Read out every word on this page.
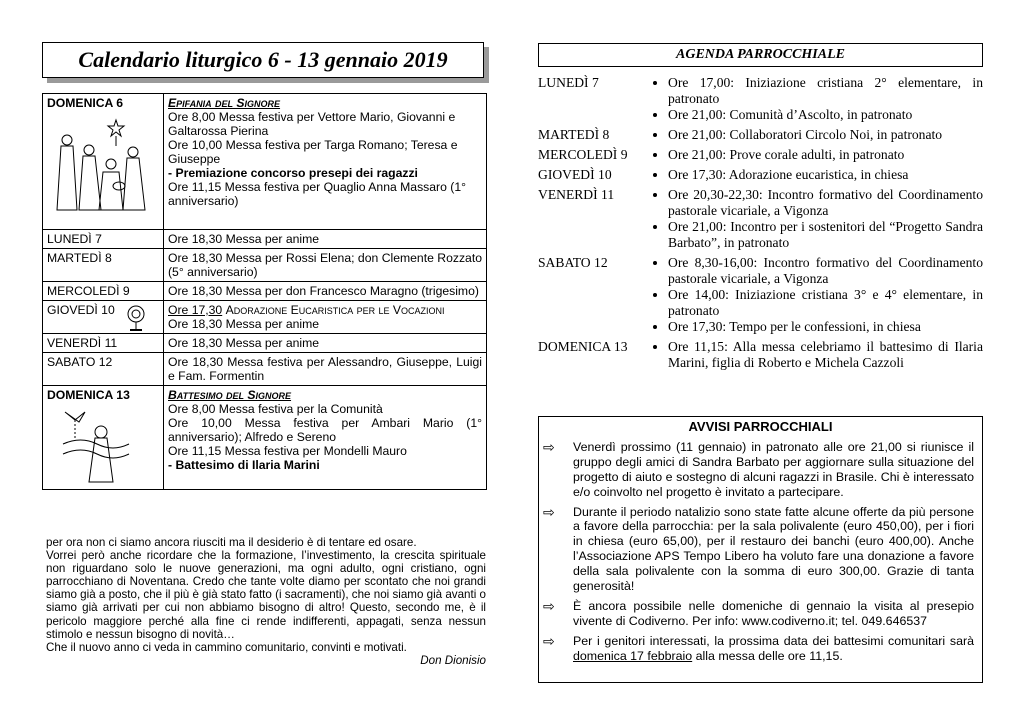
Calendario liturgico 6 - 13 gennaio 2019
DOMENICA 6	Epifania del Signore
Ore 8,00 Messa festiva per Vettore Mario, Giovanni e Galtarossa Pierina
Ore 10,00 Messa festiva per Targa Romano; Teresa e Giuseppe
- Premiazione concorso presepi dei ragazzi
Ore 11,15 Messa festiva per Quaglio Anna Massaro (1° anniversario)

LUNEDÌ 7	Ore 18,30 Messa per anime
MARTEDÌ 8	Ore 18,30 Messa per Rossi Elena; don Clemente Rozzato (5° anniversario)
MERCOLEDÌ 9	Ore 18,30 Messa per don Francesco Maragno (trigesimo)
GIOVEDÌ 10	Ore 17,30 Adorazione Eucaristica per le Vocazioni
Ore 18,30 Messa per anime

VENERDÌ 11	Ore 18,30 Messa per anime
SABATO 12	Ore 18,30 Messa festiva per Alessandro, Giuseppe, Luigi e Fam. Formentin
DOMENICA 13	Battesimo del Signore
Ore 8,00 Messa festiva per la Comunità
Ore 10,00 Messa festiva per Ambari Mario (1° anniversario); Alfredo e Sereno
Ore 11,15 Messa festiva per Mondelli Mauro
- Battesimo di Ilaria Marini

per ora non ci siamo ancora riusciti ma il desiderio è di tentare ed osare.

Vorrei però anche ricordare che la formazione, l’investimento, la crescita spirituale non riguardano solo le nuove generazioni, ma ogni adulto, ogni cristiano, ogni parrocchiano di Noventana. Credo che tante volte diamo per scontato che noi grandi siamo già a posto, che il più è già stato fatto (i sacramenti), che noi siamo già avanti o siamo già arrivati per cui non abbiamo bisogno di altro! Questo, secondo me, è il pericolo maggiore perché alla fine ci rende indifferenti, appagati, senza nessun stimolo e nessun bisogno di novità…

Che il nuovo anno ci veda in cammino comunitario, convinti e motivati.

Don Dionisio

AGENDA PARROCCHIALE
LUNEDÌ 7	• Ore 17,00: Iniziazione cristiana 2° elementare, in patronato
• Ore 21,00: Comunità d’Ascolto, in patronato
MARTEDÌ 8	• Ore 21,00: Collaboratori Circolo Noi, in patronato
MERCOLEDÌ 9	• Ore 21,00: Prove corale adulti, in patronato
GIOVEDÌ 10	• Ore 17,30: Adorazione eucaristica, in chiesa
VENERDÌ 11	• Ore 20,30-22,30: Incontro formativo del Coordinamento pastorale vicariale, a Vigonza
• Ore 21,00: Incontro per i sostenitori del “Progetto Sandra Barbato”, in patronato
SABATO 12	• Ore 8,30-16,00: Incontro formativo del Coordinamento pastorale vicariale, a Vigonza
• Ore 14,00: Iniziazione cristiana 3° e 4° elementare, in patronato
• Ore 17,30: Tempo per le confessioni, in chiesa
DOMENICA 13	• Ore 11,15: Alla messa celebriamo il battesimo di Ilaria Marini, figlia di Roberto e Michela Cazzoli
AVVISI PARROCCHIALI
⇨	Venerdì prossimo (11 gennaio) in patronato alle ore 21,00 si riunisce il gruppo degli amici di Sandra Barbato per aggiornare sulla situazione del progetto di aiuto e sostegno di alcuni ragazzi in Brasile. Chi è interessato e/o coinvolto nel progetto è invitato a partecipare.
⇨	Durante il periodo natalizio sono state fatte alcune offerte da più persone a favore della parrocchia: per la sala polivalente (euro 450,00), per i fiori in chiesa (euro 65,00), per il restauro dei banchi (euro 400,00). Anche l’Associazione APS Tempo Libero ha voluto fare una donazione a favore della sala polivalente con la somma di euro 300,00. Grazie di tanta generosità!
⇨	È ancora possibile nelle domeniche di gennaio la visita al presepio vivente di Codiverno. Per info: www.codiverno.it; tel. 049.646537
⇨	Per i genitori interessati, la prossima data dei battesimi comunitari sarà domenica 17 febbraio alla messa delle ore 11,15.
